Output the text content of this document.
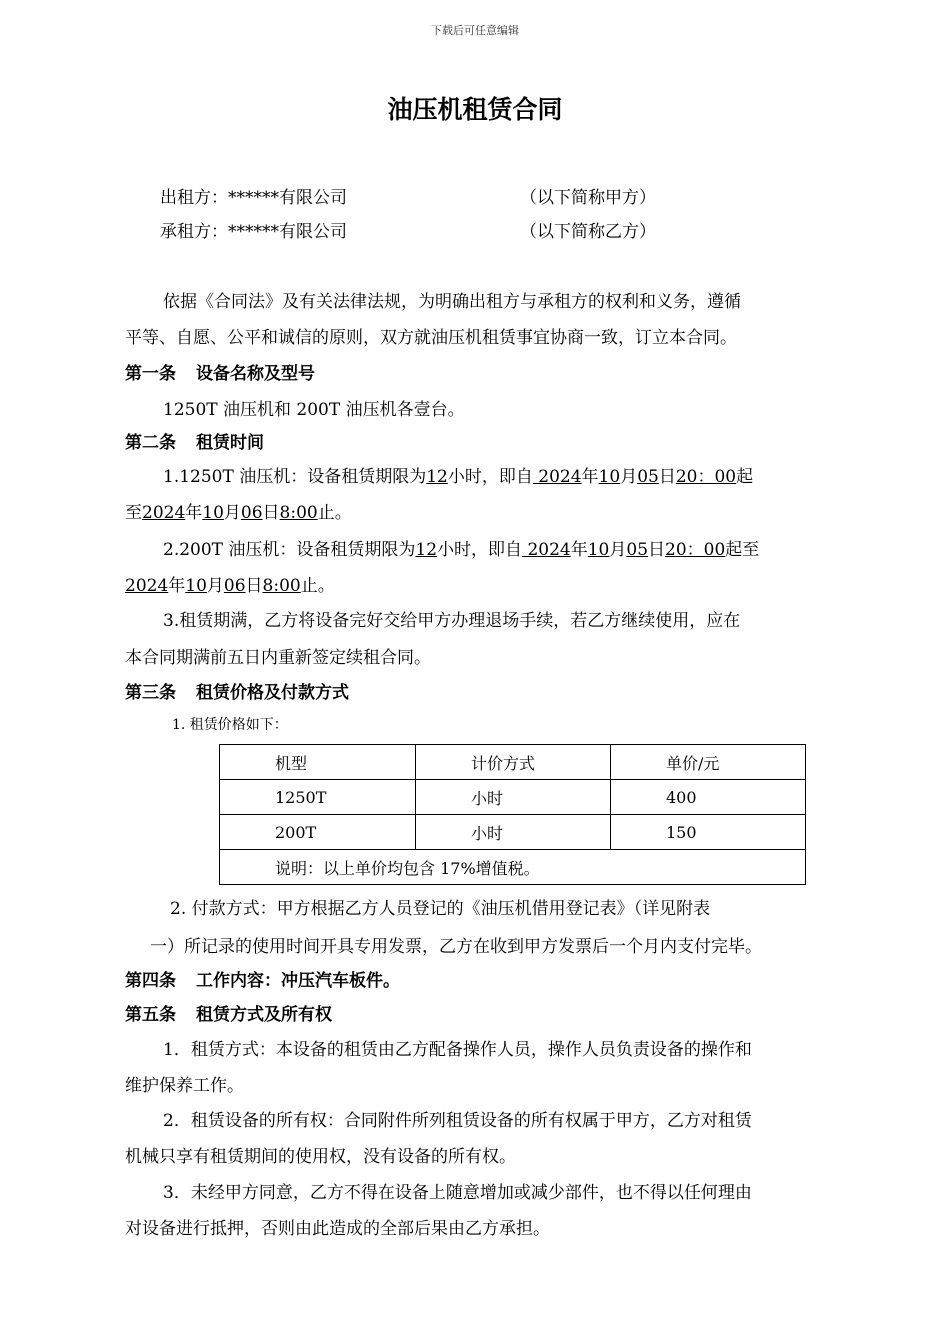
下载后可任意编辑
油压机租赁合同
出租方：******有限公司	（以下简称甲方）
承租方：******有限公司	（以下简称乙方）
依据《合同法》及有关法律法规，为明确出租方与承租方的权利和义务，遵循
平等、自愿、公平和诚信的原则，双方就油压机租赁事宜协商一致，订立本合同。
第一条 设备名称及型号
1250T 油压机和 200T 油压机各壹台。
第二条 租赁时间
1.1250T 油压机：设备租赁期限为12小时，即自 2024年10月05日20：00起
至2024年10月06日8:00止。
2.200T 油压机：设备租赁期限为12小时，即自 2024年10月05日20：00起至
2024年10月06日8:00止。
3.租赁期满，乙方将设备完好交给甲方办理退场手续，若乙方继续使用，应在
本合同期满前五日内重新签定续租合同。
第三条 租赁价格及付款方式
1. 租赁价格如下：
机型	计价方式	单价/元
1250T	小时	400
200T	小时	150
说明：以上单价均包含 17%增值税。		
2. 付款方式：甲方根据乙方人员登记的《油压机借用登记表》（详见附表
一）所记录的使用时间开具专用发票，乙方在收到甲方发票后一个月内支付完毕。
第四条 工作内容：冲压汽车板件。
第五条 租赁方式及所有权
1．租赁方式：本设备的租赁由乙方配备操作人员，操作人员负责设备的操作和
维护保养工作。
2．租赁设备的所有权：合同附件所列租赁设备的所有权属于甲方，乙方对租赁
机械只享有租赁期间的使用权，没有设备的所有权。
3．未经甲方同意，乙方不得在设备上随意增加或减少部件，也不得以任何理由
对设备进行抵押，否则由此造成的全部后果由乙方承担。
